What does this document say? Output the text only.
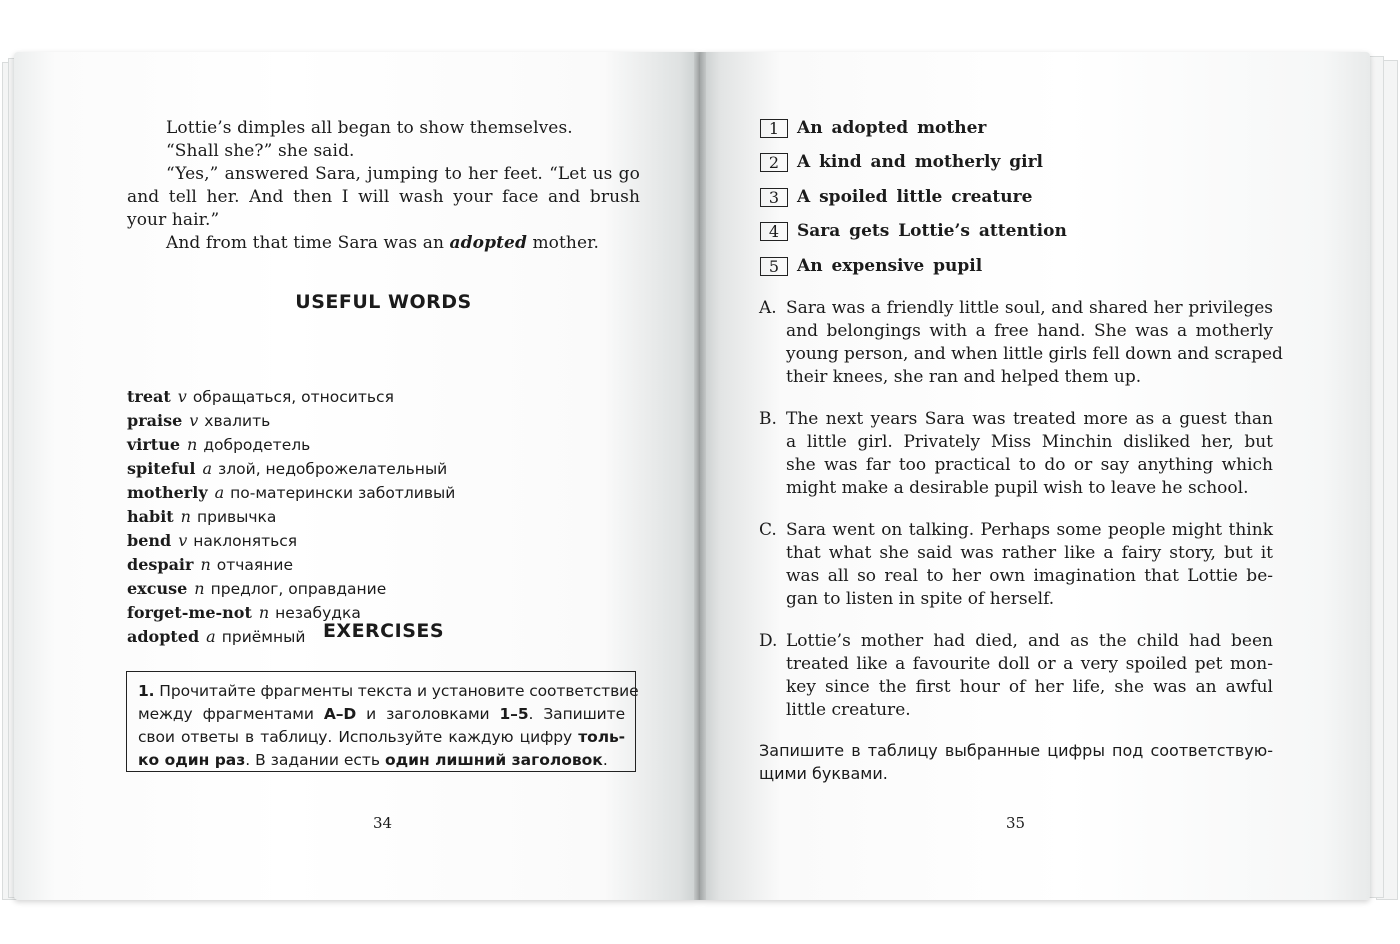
Lottie’s dimples all began to show themselves.
“Shall she?” she said.
“Yes,” answered Sara, jumping to her feet. “Let us go
and tell her. And then I will wash your face and brush
your hair.”
And from that time Sara was an adopted mother.
USEFUL WORDS
treat v обращаться, относиться
praise v хвалить
virtue n добродетель
spiteful a злой, недоброжелательный
motherly a по-матерински заботливый
habit n привычка
bend v наклоняться
despair n отчаяние
excuse n предлог, оправдание
forget-me-not n незабудка
adopted a приёмный EXERCISES
1. Прочитайте фрагменты текста и установите соответствие
между фрагментами A–D и заголовками 1–5. Запишите
свои ответы в таблицу. Используйте каждую цифру толь-
ко один раз. В задании есть один лишний заголовок.
34
1	An adopted mother
2	A kind and motherly girl
3	A spoiled little creature
4	Sara gets Lottie’s attention
5	An expensive pupil
A. Sara was a friendly little soul, and shared her privileges
and belongings with a free hand. She was a motherly
young person, and when little girls fell down and scraped
their knees, she ran and helped them up.
B. The next years Sara was treated more as a guest than
a little girl. Privately Miss Minchin disliked her, but
she was far too practical to do or say anything which
might make a desirable pupil wish to leave he school.
C. Sara went on talking. Perhaps some people might think
that what she said was rather like a fairy story, but it
was all so real to her own imagination that Lottie be-
gan to listen in spite of herself.
D. Lottie’s mother had died, and as the child had been
treated like a favourite doll or a very spoiled pet mon-
key since the first hour of her life, she was an awful
little creature.
Запишите в таблицу выбранные цифры под соответствую-
щими буквами.
35
